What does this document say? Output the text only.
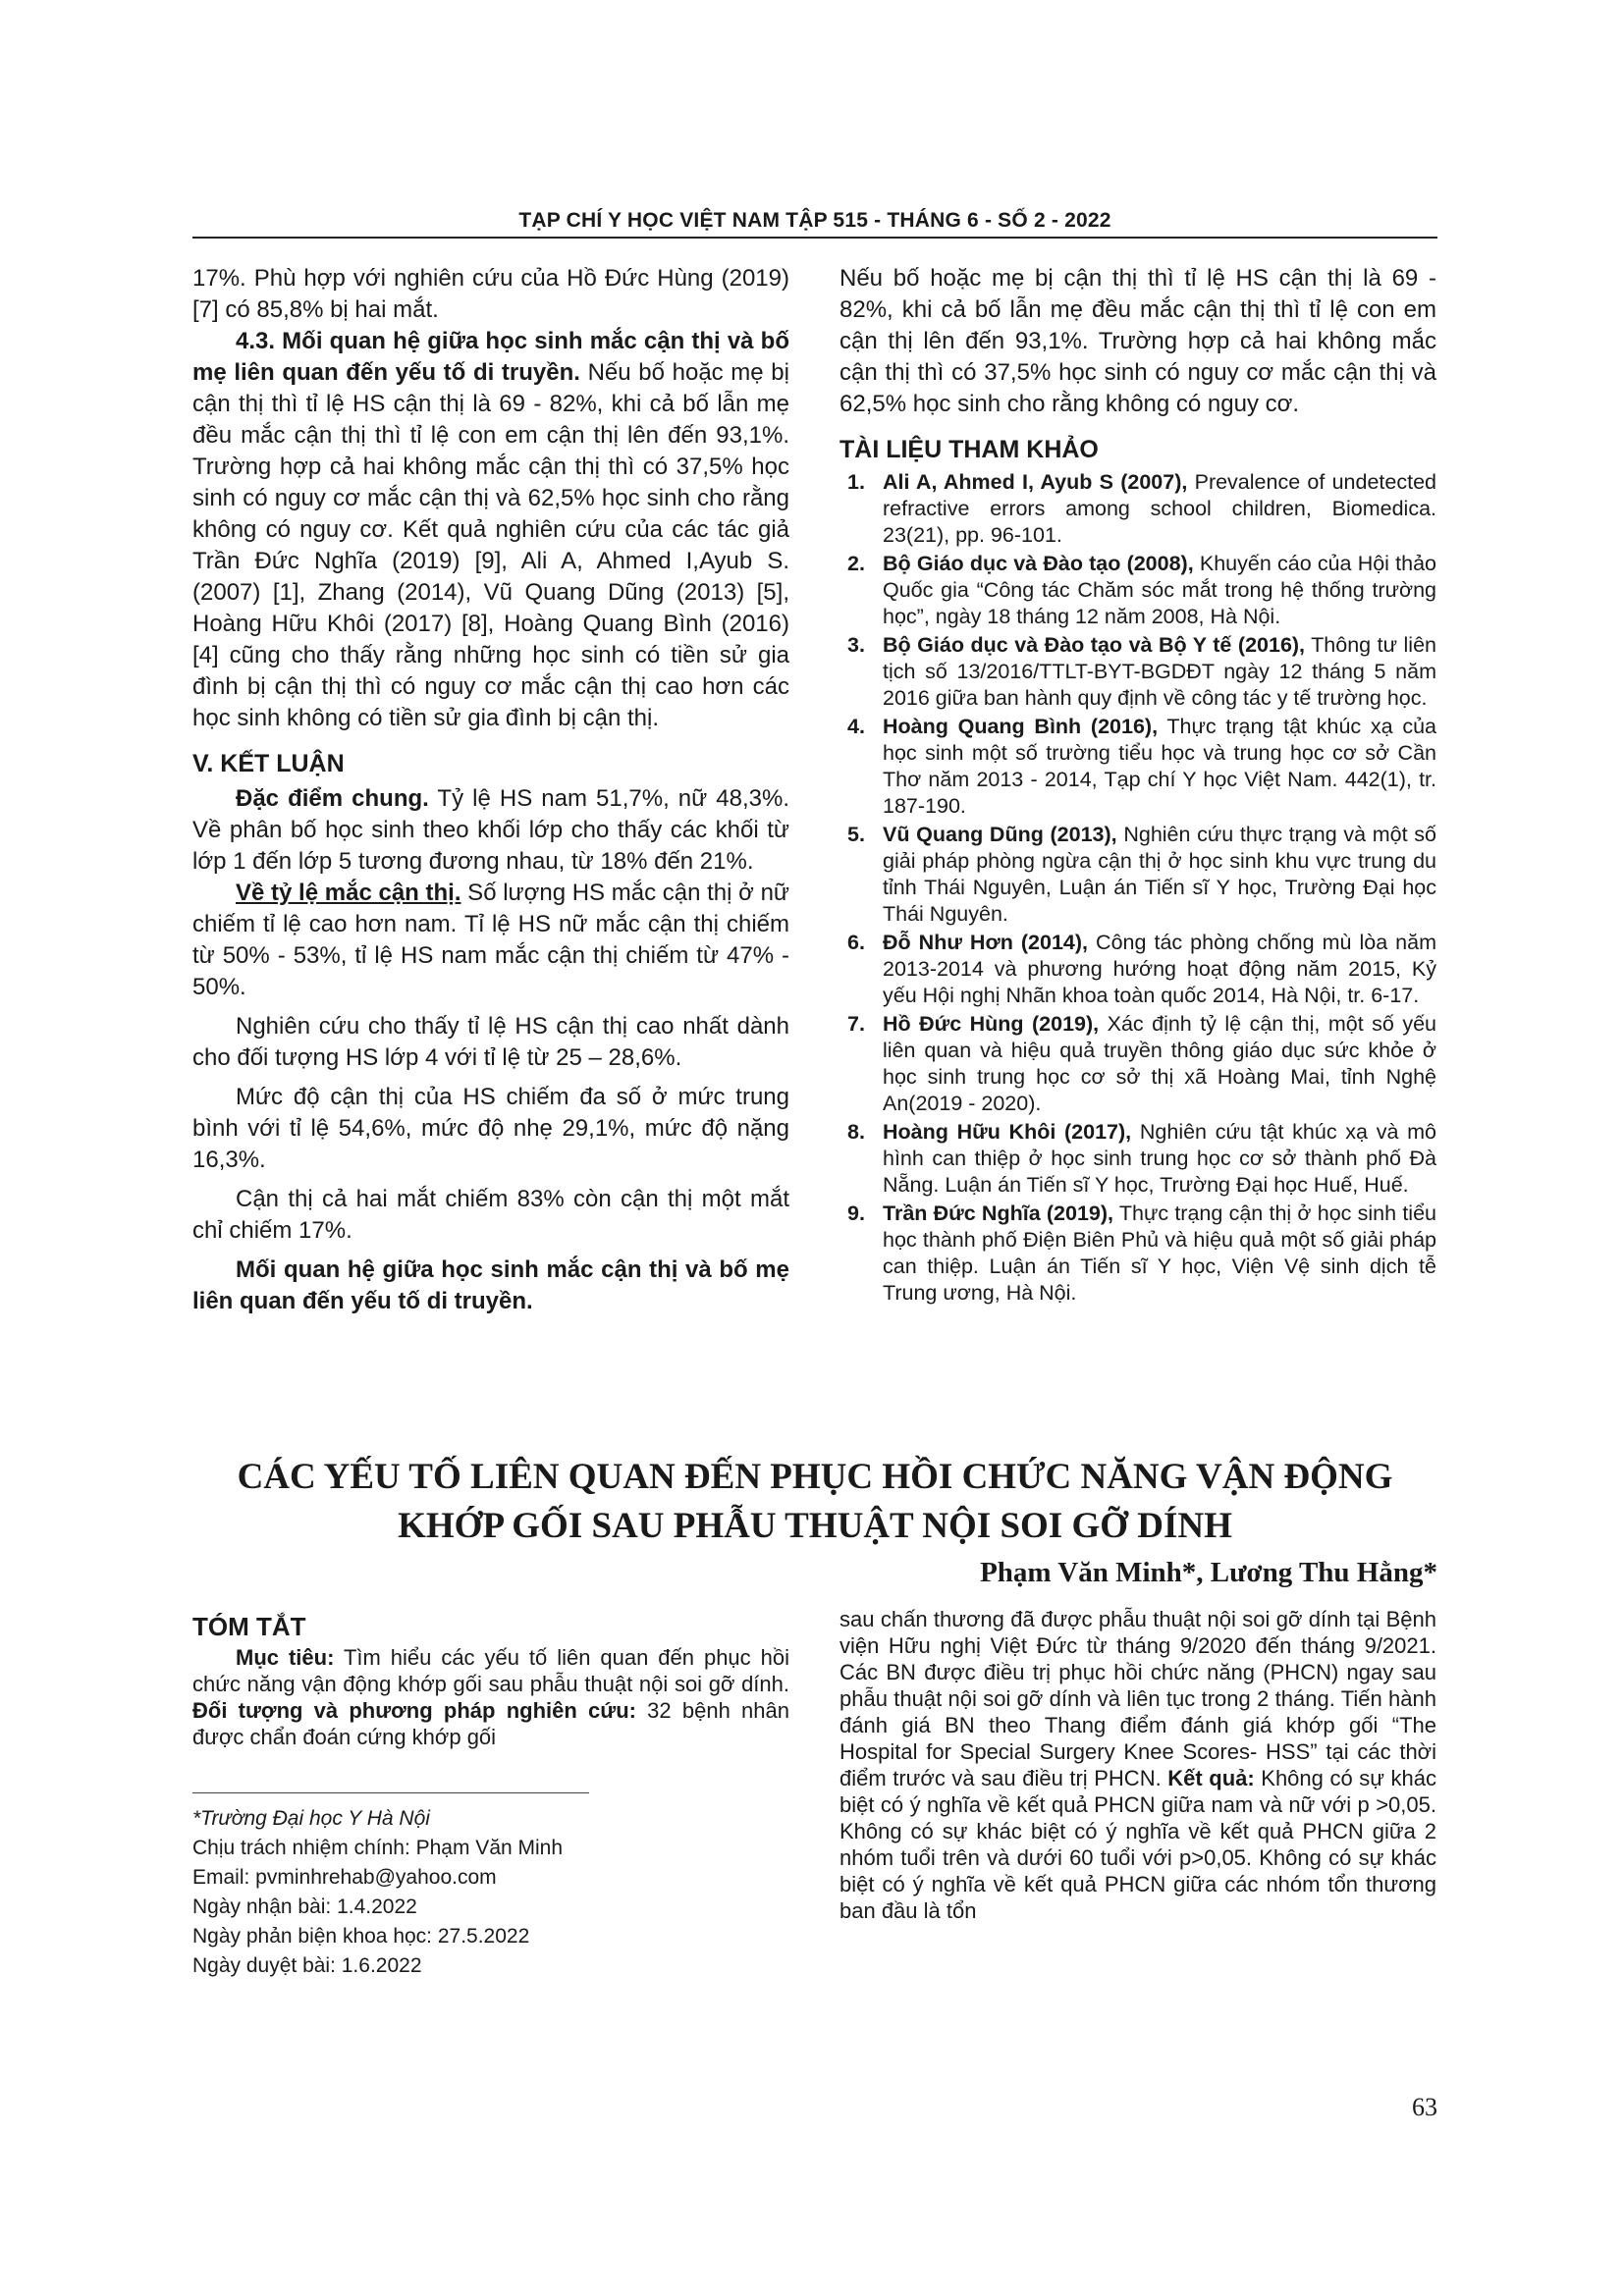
TẠP CHÍ Y HỌC VIỆT NAM TẬP 515 - THÁNG 6 - SỐ 2 - 2022

17%. Phù hợp với nghiên cứu của Hồ Đức Hùng (2019) [7] có 85,8% bị hai mắt.

4.3. Mối quan hệ giữa học sinh mắc cận thị và bố mẹ liên quan đến yếu tố di truyền. Nếu bố hoặc mẹ bị cận thị thì tỉ lệ HS cận thị là 69 - 82%, khi cả bố lẫn mẹ đều mắc cận thị thì tỉ lệ con em cận thị lên đến 93,1%. Trường hợp cả hai không mắc cận thị thì có 37,5% học sinh có nguy cơ mắc cận thị và 62,5% học sinh cho rằng không có nguy cơ. Kết quả nghiên cứu của các tác giả Trần Đức Nghĩa (2019) [9], Ali A, Ahmed I,Ayub S. (2007) [1], Zhang (2014), Vũ Quang Dũng (2013) [5], Hoàng Hữu Khôi (2017) [8], Hoàng Quang Bình (2016) [4] cũng cho thấy rằng những học sinh có tiền sử gia đình bị cận thị thì có nguy cơ mắc cận thị cao hơn các học sinh không có tiền sử gia đình bị cận thị.

V. KẾT LUẬN

Đặc điểm chung. Tỷ lệ HS nam 51,7%, nữ 48,3%. Về phân bố học sinh theo khối lớp cho thấy các khối từ lớp 1 đến lớp 5 tương đương nhau, từ 18% đến 21%.

Về tỷ lệ mắc cận thị. Số lượng HS mắc cận thị ở nữ chiếm tỉ lệ cao hơn nam. Tỉ lệ HS nữ mắc cận thị chiếm từ 50% - 53%, tỉ lệ HS nam mắc cận thị chiếm từ 47% - 50%.

Nghiên cứu cho thấy tỉ lệ HS cận thị cao nhất dành cho đối tượng HS lớp 4 với tỉ lệ từ 25 – 28,6%.

Mức độ cận thị của HS chiếm đa số ở mức trung bình với tỉ lệ 54,6%, mức độ nhẹ 29,1%, mức độ nặng 16,3%.

Cận thị cả hai mắt chiếm 83% còn cận thị một mắt chỉ chiếm 17%.

Mối quan hệ giữa học sinh mắc cận thị và bố mẹ liên quan đến yếu tố di truyền.

Nếu bố hoặc mẹ bị cận thị thì tỉ lệ HS cận thị là 69 - 82%, khi cả bố lẫn mẹ đều mắc cận thị thì tỉ lệ con em cận thị lên đến 93,1%. Trường hợp cả hai không mắc cận thị thì có 37,5% học sinh có nguy cơ mắc cận thị và 62,5% học sinh cho rằng không có nguy cơ.

TÀI LIỆU THAM KHẢO

1. Ali A, Ahmed I, Ayub S (2007), Prevalence of undetected refractive errors among school children, Biomedica. 23(21), pp. 96-101.
2. Bộ Giáo dục và Đào tạo (2008), Khuyến cáo của Hội thảo Quốc gia “Công tác Chăm sóc mắt trong hệ thống trường học”, ngày 18 tháng 12 năm 2008, Hà Nội.
3. Bộ Giáo dục và Đào tạo và Bộ Y tế (2016), Thông tư liên tịch số 13/2016/TTLT-BYT-BGDĐT ngày 12 tháng 5 năm 2016 giữa ban hành quy định về công tác y tế trường học.
4. Hoàng Quang Bình (2016), Thực trạng tật khúc xạ của học sinh một số trường tiểu học và trung học cơ sở Cần Thơ năm 2013 - 2014, Tạp chí Y học Việt Nam. 442(1), tr. 187-190.
5. Vũ Quang Dũng (2013), Nghiên cứu thực trạng và một số giải pháp phòng ngừa cận thị ở học sinh khu vực trung du tỉnh Thái Nguyên, Luận án Tiến sĩ Y học, Trường Đại học Thái Nguyên.
6. Đỗ Như Hơn (2014), Công tác phòng chống mù lòa năm 2013-2014 và phương hướng hoạt động năm 2015, Kỷ yếu Hội nghị Nhãn khoa toàn quốc 2014, Hà Nội, tr. 6-17.
7. Hồ Đức Hùng (2019), Xác định tỷ lệ cận thị, một số yếu liên quan và hiệu quả truyền thông giáo dục sức khỏe ở học sinh trung học cơ sở thị xã Hoàng Mai, tỉnh Nghệ An(2019 - 2020).
8. Hoàng Hữu Khôi (2017), Nghiên cứu tật khúc xạ và mô hình can thiệp ở học sinh trung học cơ sở thành phố Đà Nẵng. Luận án Tiến sĩ Y học, Trường Đại học Huế, Huế.
9. Trần Đức Nghĩa (2019), Thực trạng cận thị ở học sinh tiểu học thành phố Điện Biên Phủ và hiệu quả một số giải pháp can thiệp. Luận án Tiến sĩ Y học, Viện Vệ sinh dịch tễ Trung ương, Hà Nội.
CÁC YẾU TỐ LIÊN QUAN ĐẾN PHỤC HỒI CHỨC NĂNG VẬN ĐỘNG
KHỚP GỐI SAU PHẪU THUẬT NỘI SOI GỠ DÍNH
Phạm Văn Minh*, Lương Thu Hằng*

TÓM TẮT

Mục tiêu: Tìm hiểu các yếu tố liên quan đến phục hồi chức năng vận động khớp gối sau phẫu thuật nội soi gỡ dính. Đối tượng và phương pháp nghiên cứu: 32 bệnh nhân được chẩn đoán cứng khớp gối

sau chấn thương đã được phẫu thuật nội soi gỡ dính tại Bệnh viện Hữu nghị Việt Đức từ tháng 9/2020 đến tháng 9/2021. Các BN được điều trị phục hồi chức năng (PHCN) ngay sau phẫu thuật nội soi gỡ dính và liên tục trong 2 tháng. Tiến hành đánh giá BN theo Thang điểm đánh giá khớp gối “The Hospital for Special Surgery Knee Scores- HSS” tại các thời điểm trước và sau điều trị PHCN. Kết quả: Không có sự khác biệt có ý nghĩa về kết quả PHCN giữa nam và nữ với p >0,05. Không có sự khác biệt có ý nghĩa về kết quả PHCN giữa 2 nhóm tuổi trên và dưới 60 tuổi với p>0,05. Không có sự khác biệt có ý nghĩa về kết quả PHCN giữa các nhóm tổn thương ban đầu là tổn

*Trường Đại học Y Hà Nội
Chịu trách nhiệm chính: Phạm Văn Minh
Email: pvminhrehab@yahoo.com
Ngày nhận bài: 1.4.2022
Ngày phản biện khoa học: 27.5.2022
Ngày duyệt bài: 1.6.2022
63
